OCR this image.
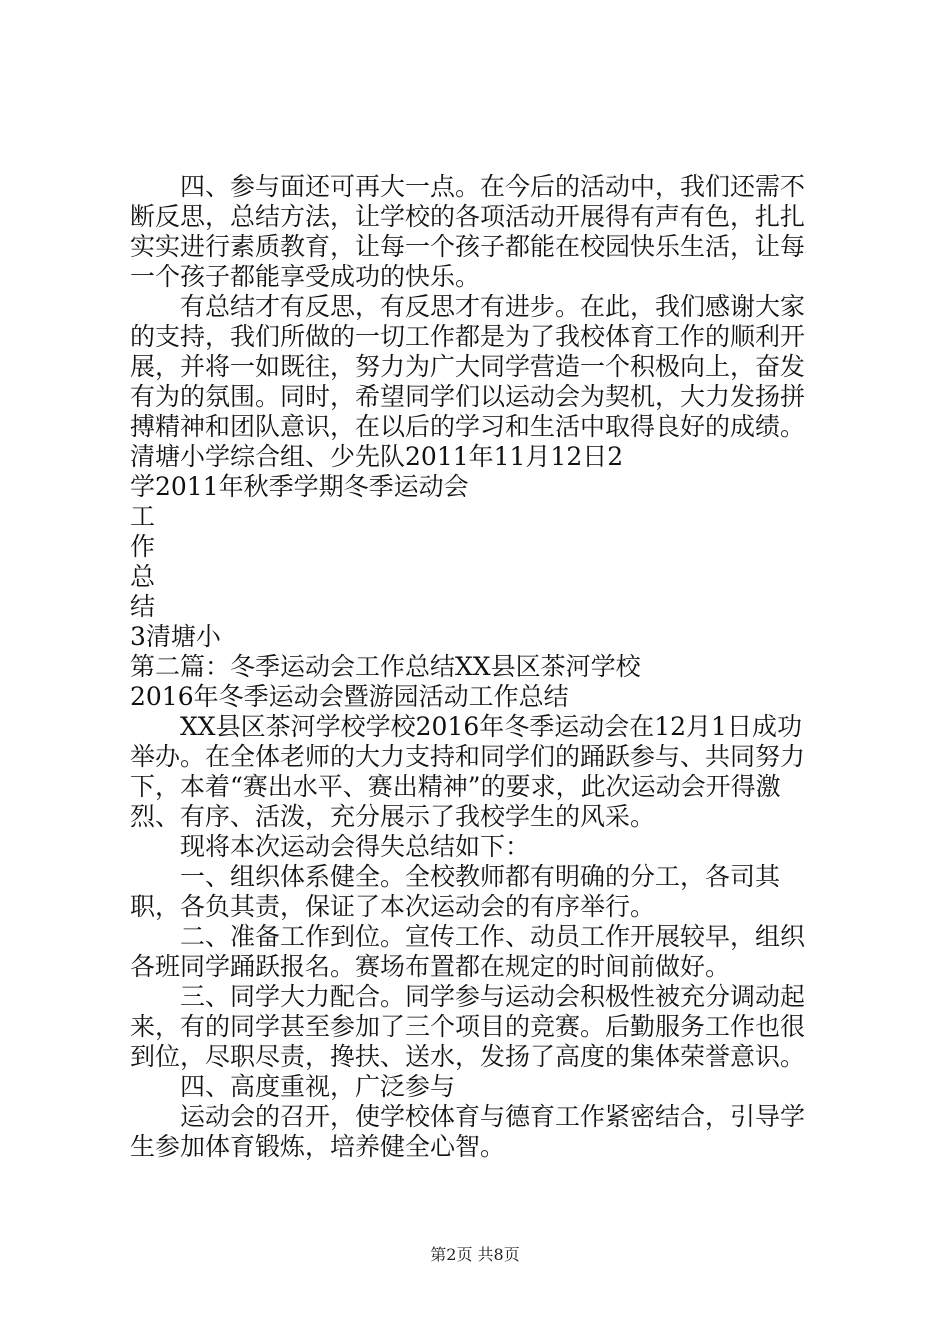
四、参与面还可再大一点。在今后的活动中，我们还需不断反思，总结方法，让学校的各项活动开展得有声有色，扎扎实实进行素质教育，让每一个孩子都能在校园快乐生活，让每一个孩子都能享受成功的快乐。

有总结才有反思，有反思才有进步。在此，我们感谢大家的支持，我们所做的一切工作都是为了我校体育工作的顺利开展，并将一如既往，努力为广大同学营造一个积极向上，奋发有为的氛围。同时，希望同学们以运动会为契机，大力发扬拼搏精神和团队意识，在以后的学习和生活中取得良好的成绩。

清塘小学综合组、少先队2011年11月12日2

学2011年秋季学期冬季运动会

工

作

总

结

3清塘小

第二篇：冬季运动会工作总结XX县区茶河学校

2016年冬季运动会暨游园活动工作总结

XX县区茶河学校学校2016年冬季运动会在12月1日成功举办。在全体老师的大力支持和同学们的踊跃参与、共同努力下，本着“赛出水平、赛出精神”的要求，此次运动会开得激烈、有序、活泼，充分展示了我校学生的风采。

现将本次运动会得失总结如下：

一、组织体系健全。全校教师都有明确的分工，各司其职，各负其责，保证了本次运动会的有序举行。

二、准备工作到位。宣传工作、动员工作开展较早，组织各班同学踊跃报名。赛场布置都在规定的时间前做好。

三、同学大力配合。同学参与运动会积极性被充分调动起来，有的同学甚至参加了三个项目的竞赛。后勤服务工作也很到位，尽职尽责，搀扶、送水，发扬了高度的集体荣誉意识。

四、高度重视，广泛参与

运动会的召开，使学校体育与德育工作紧密结合，引导学生参加体育锻炼，培养健全心智。

第2页 共8页
